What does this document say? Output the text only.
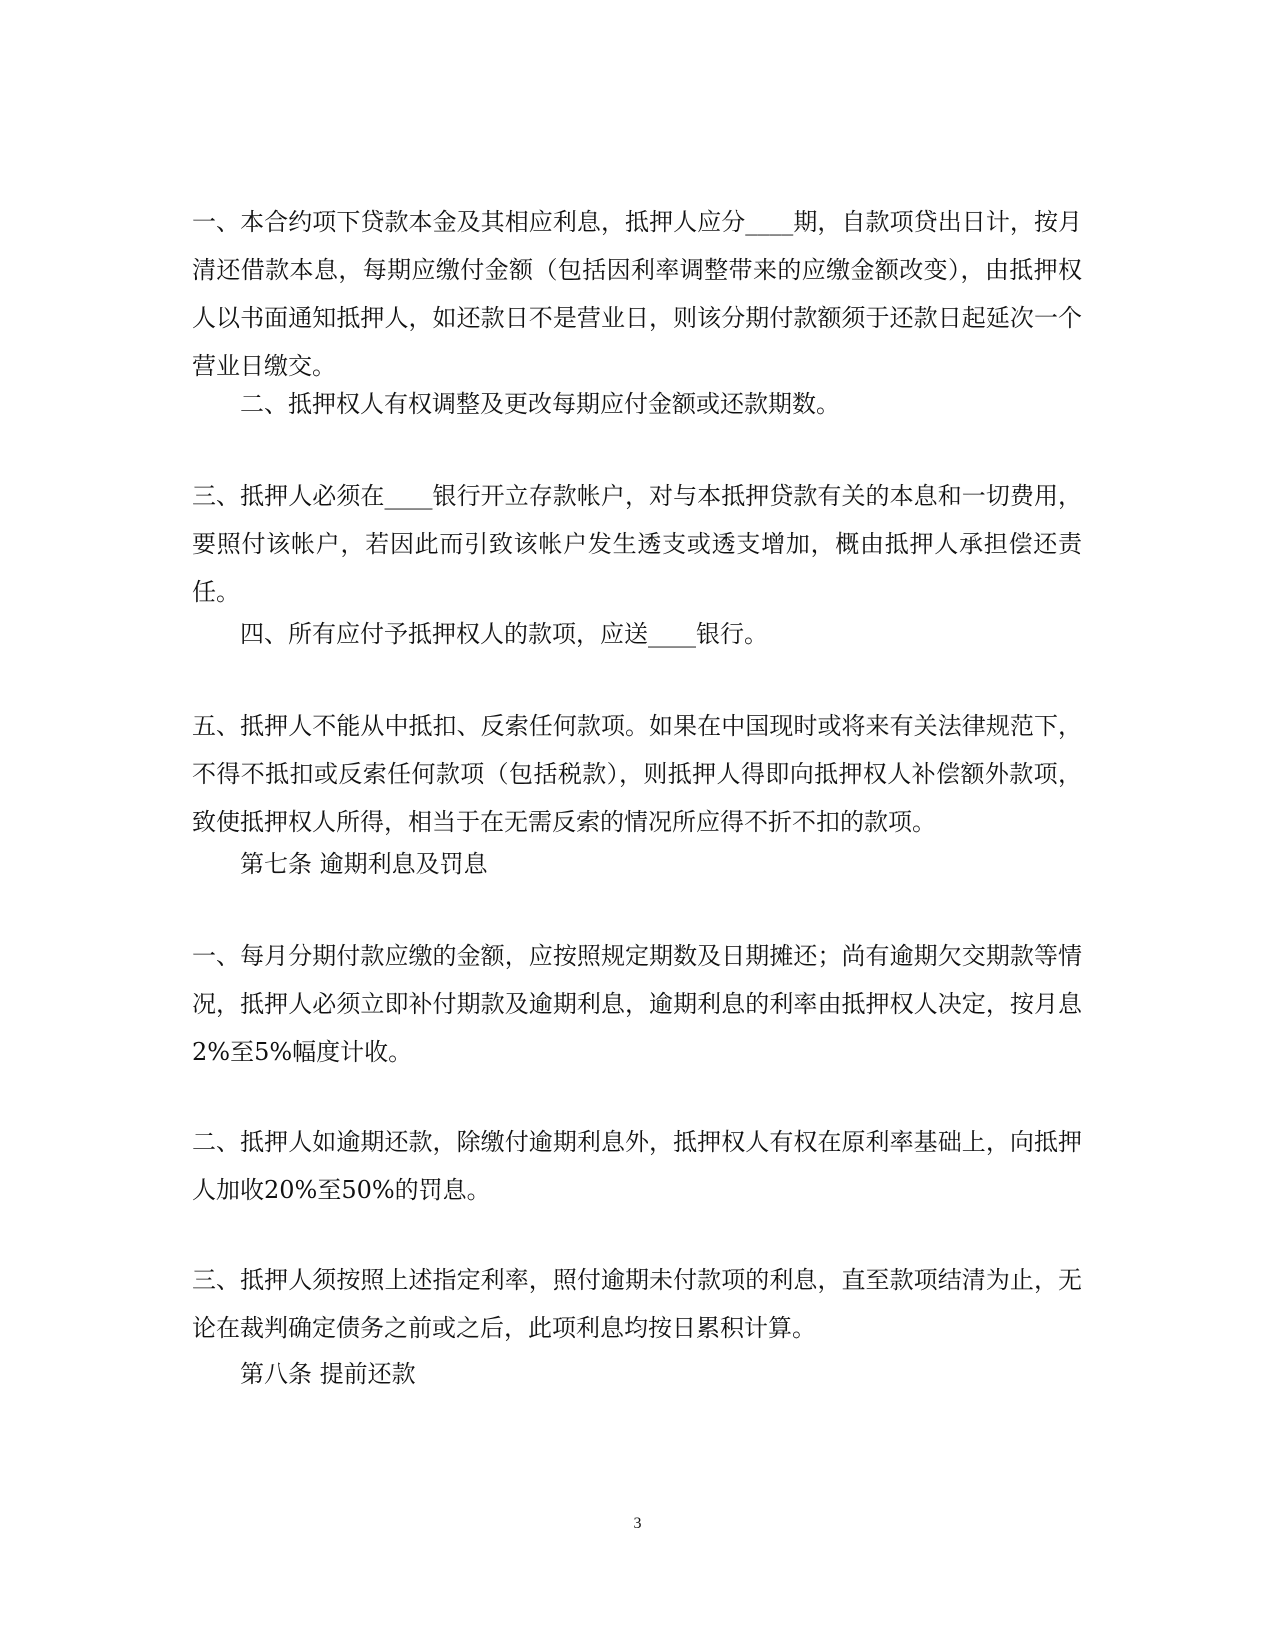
一、本合约项下贷款本金及其相应利息，抵押人应分____期，自款项贷出日计，按月清还借款本息，每期应缴付金额（包括因利率调整带来的应缴金额改变），由抵押权人以书面通知抵押人，如还款日不是营业日，则该分期付款额须于还款日起延次一个营业日缴交。

二、抵押权人有权调整及更改每期应付金额或还款期数。

三、抵押人必须在____银行开立存款帐户，对与本抵押贷款有关的本息和一切费用，要照付该帐户，若因此而引致该帐户发生透支或透支增加，概由抵押人承担偿还责任。

四、所有应付予抵押权人的款项，应送____银行。

五、抵押人不能从中抵扣、反索任何款项。如果在中国现时或将来有关法律规范下，不得不抵扣或反索任何款项（包括税款），则抵押人得即向抵押权人补偿额外款项，致使抵押权人所得，相当于在无需反索的情况所应得不折不扣的款项。

第七条 逾期利息及罚息

一、每月分期付款应缴的金额，应按照规定期数及日期摊还；尚有逾期欠交期款等情况，抵押人必须立即补付期款及逾期利息，逾期利息的利率由抵押权人决定，按月息2%至5%幅度计收。

二、抵押人如逾期还款，除缴付逾期利息外，抵押权人有权在原利率基础上，向抵押人加收20%至50%的罚息。

三、抵押人须按照上述指定利率，照付逾期未付款项的利息，直至款项结清为止，无论在裁判确定债务之前或之后，此项利息均按日累积计算。

第八条 提前还款

3
